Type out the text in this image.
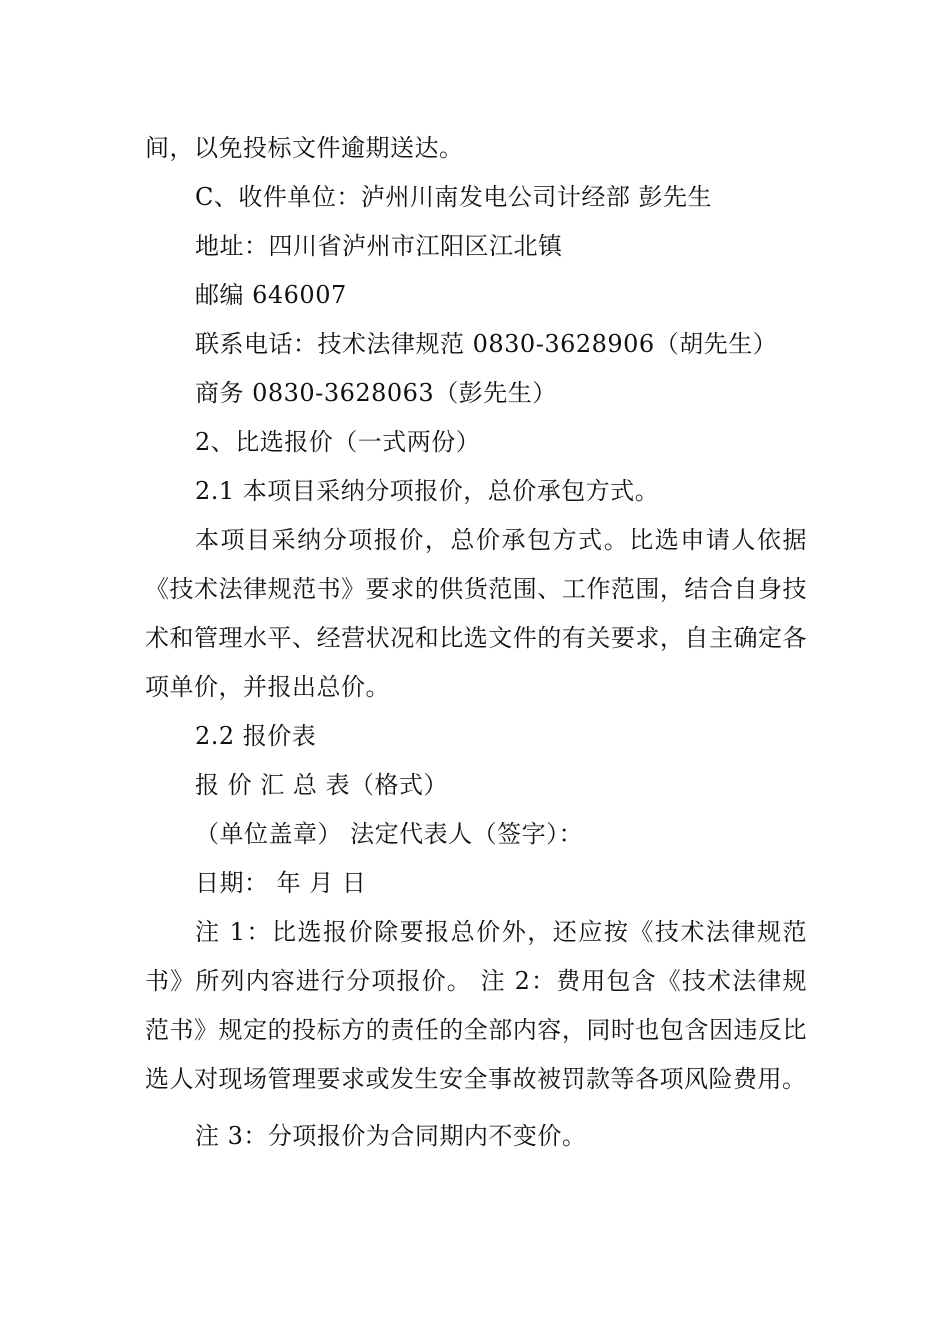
间，以免投标文件逾期送达。

C、收件单位：泸州川南发电公司计经部 彭先生

地址：四川省泸州市江阳区江北镇

邮编 646007

联系电话：技术法律规范 0830-3628906（胡先生）

商务 0830-3628063（彭先生）

2、比选报价（一式两份）

2.1 本项目采纳分项报价，总价承包方式。

本项目采纳分项报价，总价承包方式。比选申请人依据《技术法律规范书》要求的供货范围、工作范围，结合自身技术和管理水平、经营状况和比选文件的有关要求，自主确定各项单价，并报出总价。

2.2 报价表

报 价 汇 总 表（格式）

（单位盖章） 法定代表人（签字）：

日期： 年 月 日

注 1：比选报价除要报总价外，还应按《技术法律规范书》所列内容进行分项报价。 注 2：费用包含《技术法律规范书》规定的投标方的责任的全部内容，同时也包含因违反比选人对现场管理要求或发生安全事故被罚款等各项风险费用。

注 3：分项报价为合同期内不变价。
